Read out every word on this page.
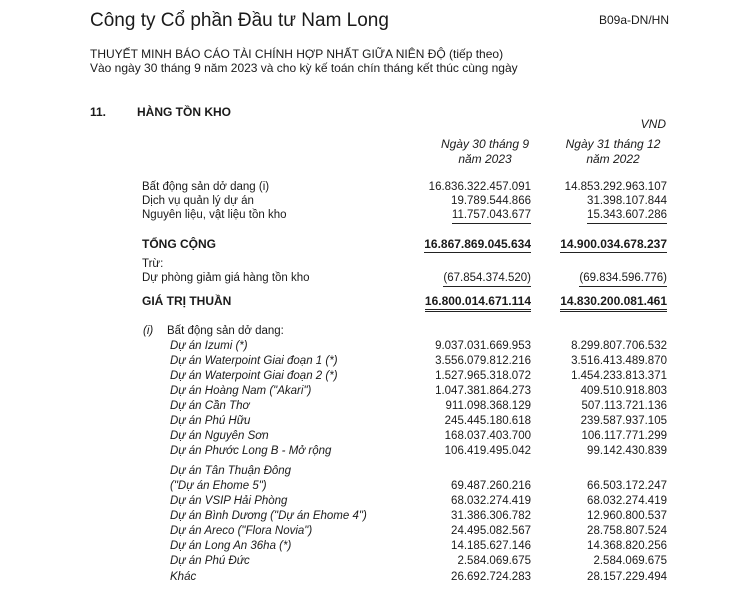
Công ty Cổ phần Đầu tư Nam Long	B09a-DN/HN
THUYẾT MINH BÁO CÁO TÀI CHÍNH HỢP NHẤT GIỮA NIÊN ĐỘ (tiếp theo)
Vào ngày 30 tháng 9 năm 2023 và cho kỳ kế toán chín tháng kết thúc cùng ngày
11.	HÀNG TỒN KHO
VND
Ngày 30 tháng 9
năm 2023
Ngày 31 tháng 12
năm 2022
Bất động sản dở dang (i)	16.836.322.457.091	14.853.292.963.107
Dịch vụ quản lý dự án	19.789.544.866	31.398.107.844
Nguyên liệu, vật liệu tồn kho	11.757.043.677	15.343.607.286
TỔNG CỘNG	16.867.869.045.634 14.900.034.678.237
Trừ:
Dự phòng giảm giá hàng tồn kho	(67.854.374.520)	(69.834.596.776)
GIÁ TRỊ THUẦN	16.800.014.671.114 14.830.200.081.461
(i) Bất động sản dở dang:
Dự án Izumi (*)	9.037.031.669.953	8.299.807.706.532
Dự án Waterpoint Giai đoạn 1 (*)	3.556.079.812.216	3.516.413.489.870
Dự án Waterpoint Giai đoạn 2 (*)	1.527.965.318.072	1.454.233.813.371
Dự án Hoàng Nam ("Akari")	1.047.381.864.273	409.510.918.803
Dự án Cần Thơ	911.098.368.129	507.113.721.136
Dự án Phú Hữu	245.445.180.618	239.587.937.105
Dự án Nguyên Sơn	168.037.403.700	106.117.771.299
Dự án Phước Long B - Mở rộng	106.419.495.042	99.142.430.839
Dự án Tân Thuận Đông
("Dự án Ehome 5")	69.487.260.216	66.503.172.247
Dự án VSIP Hải Phòng	68.032.274.419	68.032.274.419
Dự án Bình Dương ("Dự án Ehome 4")	31.386.306.782	12.960.800.537
Dự án Areco ("Flora Novia")	24.495.082.567	28.758.807.524
Dự án Long An 36ha (*)	14.185.627.146	14.368.820.256
Dự án Phú Đức	2.584.069.675	2.584.069.675
Khác	26.692.724.283	28.157.229.494
